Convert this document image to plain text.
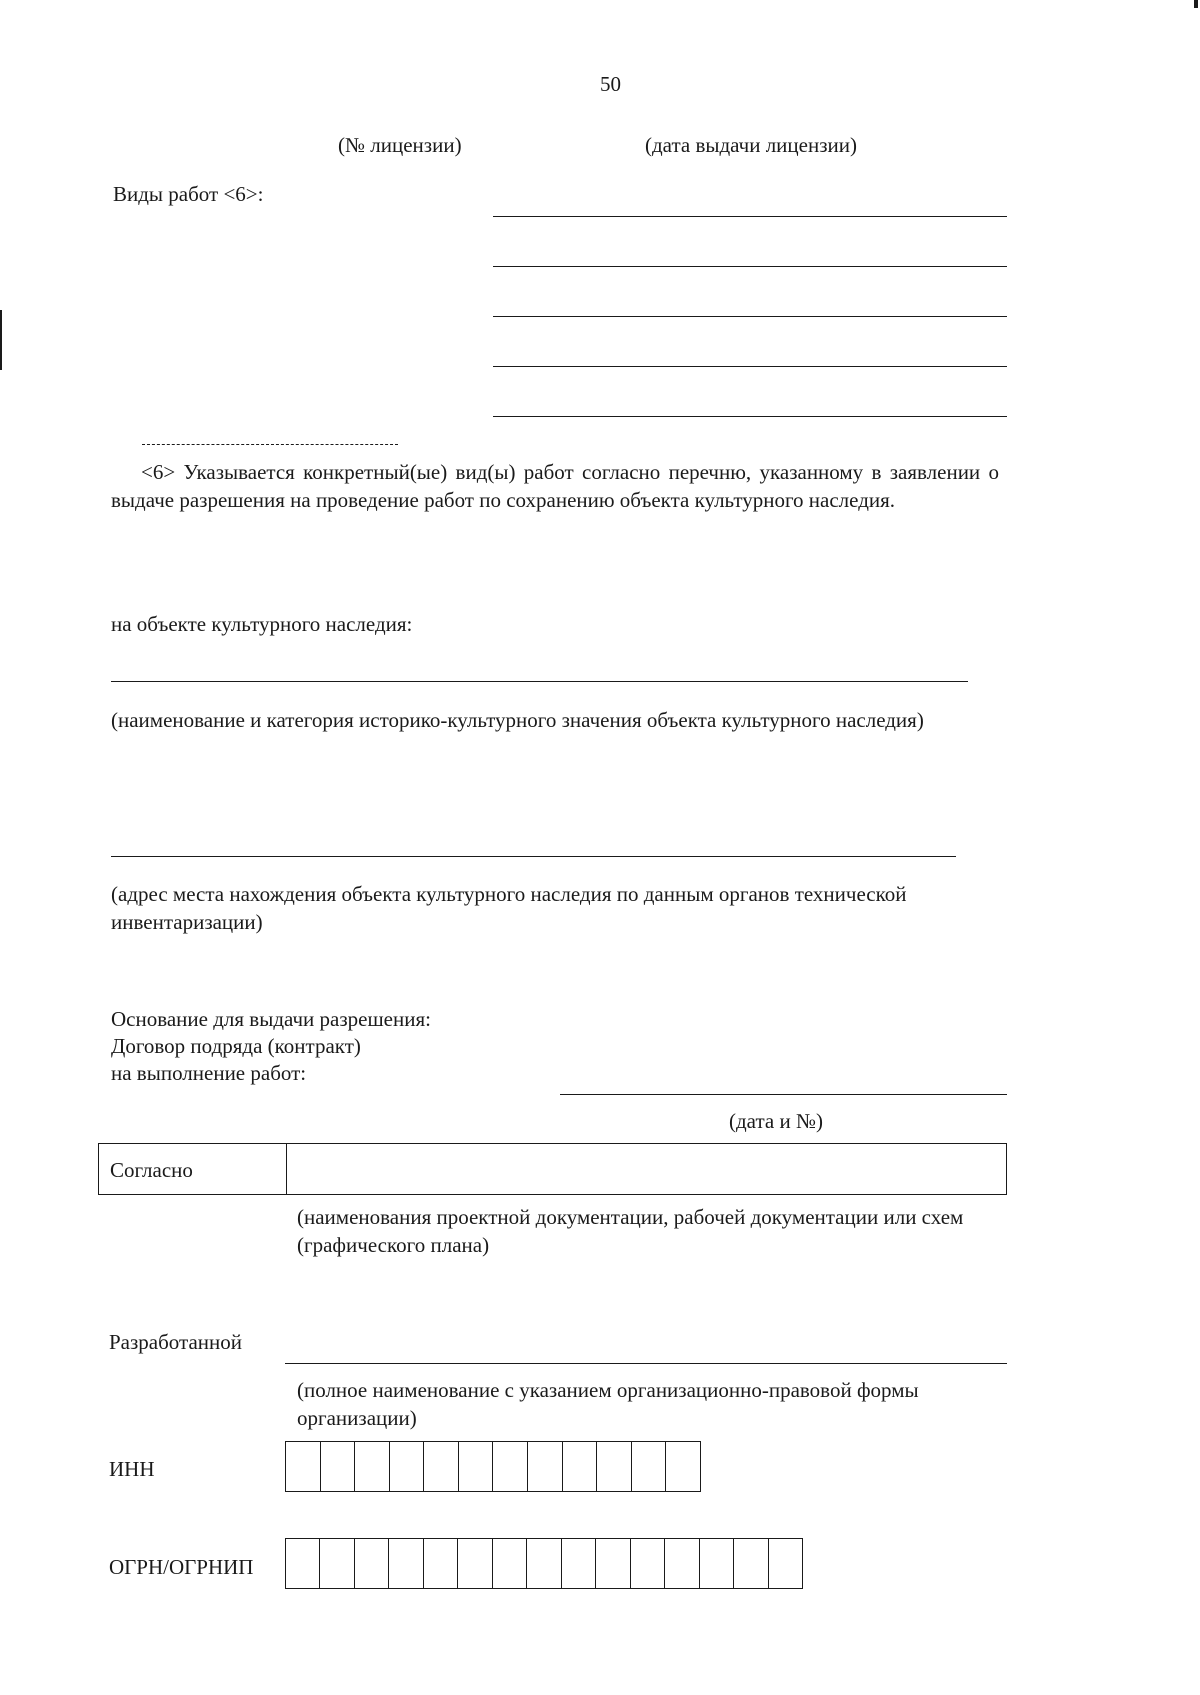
50
(№ лицензии)	(дата выдачи лицензии)
Виды работ <6>:
<6> Указывается конкретный(ые) вид(ы) работ согласно перечню, указанному в заявлении о выдаче разрешения на проведение работ по сохранению объекта культурного наследия.
на объекте культурного наследия:
(наименование и категория историко-культурного значения объекта культурного наследия)
(адрес места нахождения объекта культурного наследия по данным органов технической инвентаризации)
Основание для выдачи разрешения:
Договор подряда (контракт)
на выполнение работ:
(дата и №)
Согласно
(наименования проектной документации, рабочей документации или схем (графического плана)
Разработанной
(полное наименование с указанием организационно-правовой формы организации)
ИНН
ОГРН/ОГРНИП
